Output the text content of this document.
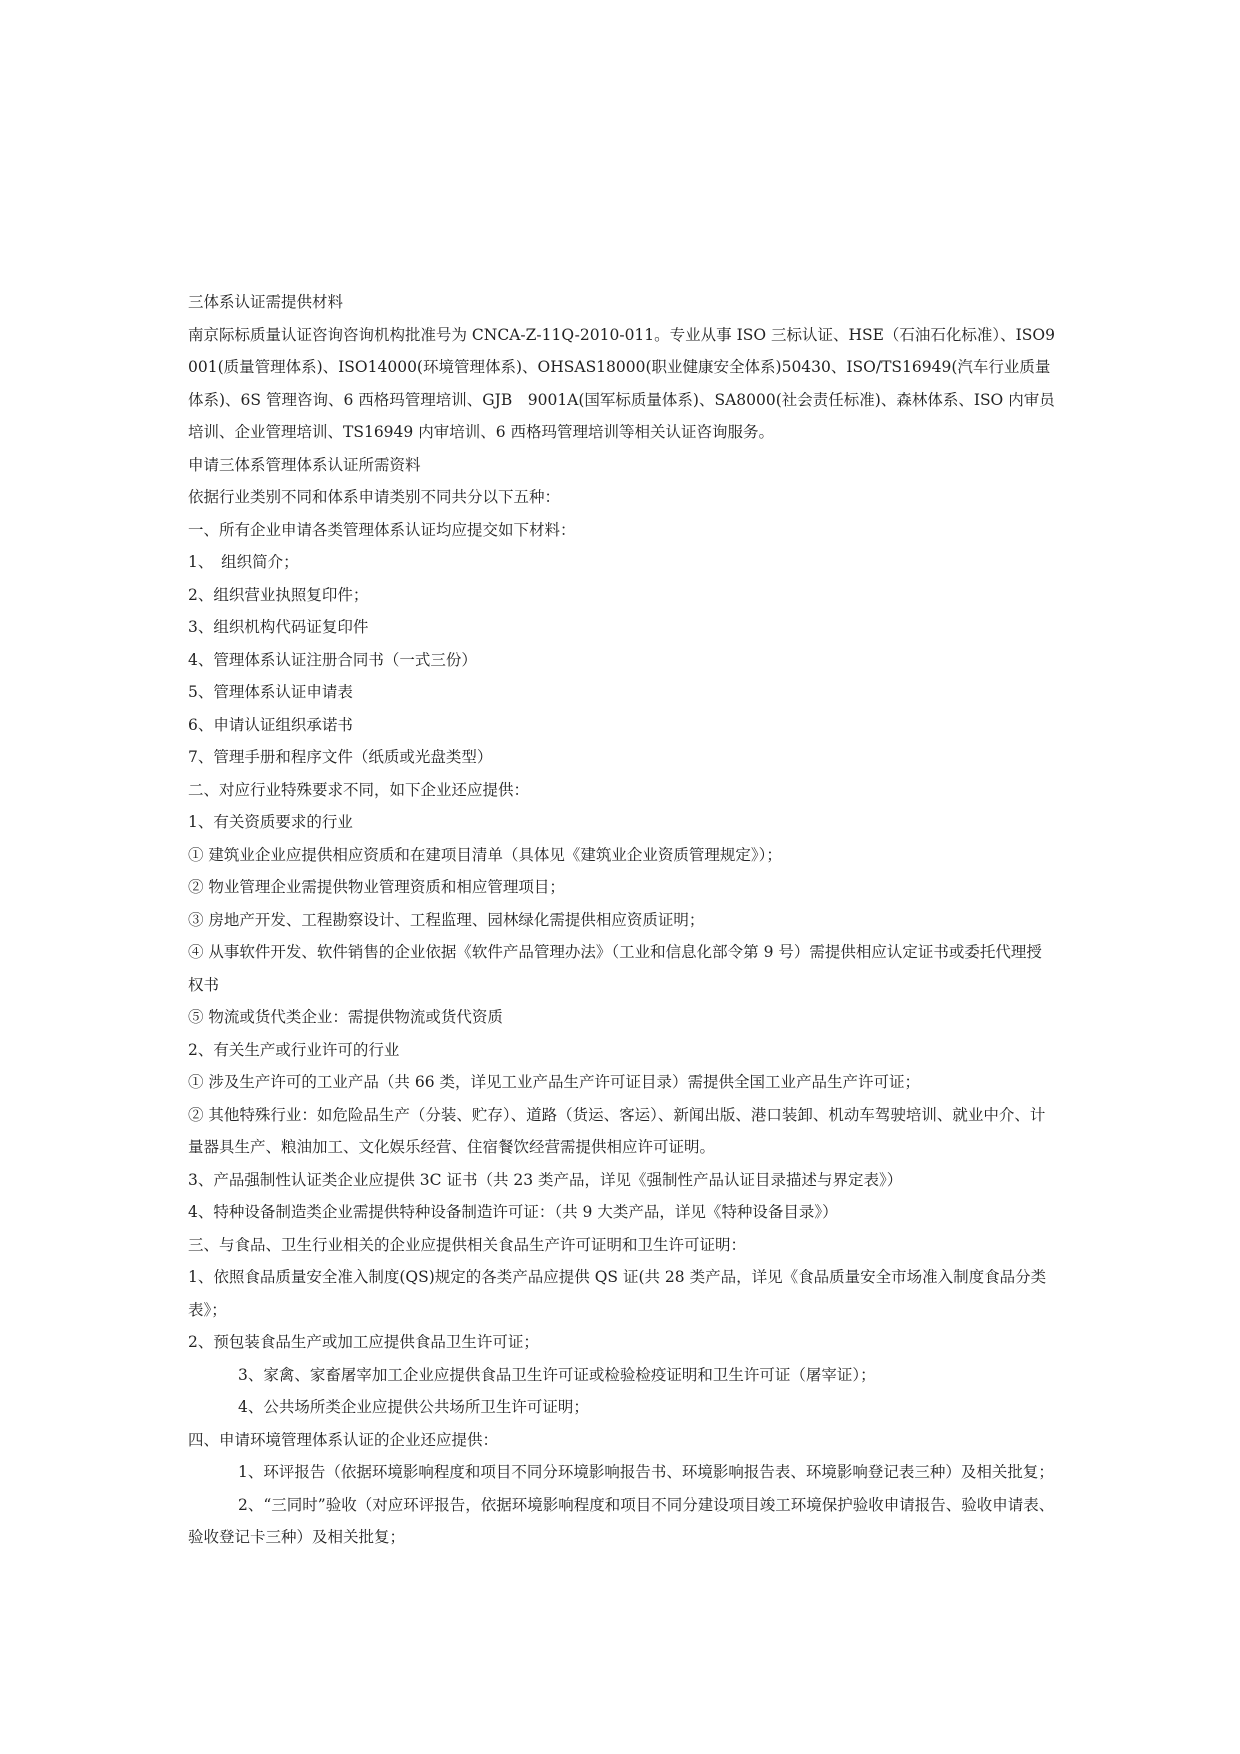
三体系认证需提供材料

南京际标质量认证咨询咨询机构批准号为 CNCA-Z-11Q-2010-011。专业从事 ISO 三标认证、HSE（石油石化标准）、ISO9001(质量管理体系)、ISO14000(环境管理体系)、OHSAS18000(职业健康安全体系)50430、ISO/TS16949(汽车行业质量体系)、6S 管理咨询、6 西格玛管理培训、GJB　9001A(国军标质量体系)、SA8000(社会责任标准)、森林体系、ISO 内审员培训、企业管理培训、TS16949 内审培训、6 西格玛管理培训等相关认证咨询服务。

申请三体系管理体系认证所需资料

依据行业类别不同和体系申请类别不同共分以下五种：

一、所有企业申请各类管理体系认证均应提交如下材料：

1、　组织简介；

2、组织营业执照复印件；

3、组织机构代码证复印件

4、管理体系认证注册合同书（一式三份）

5、管理体系认证申请表

6、申请认证组织承诺书

7、管理手册和程序文件（纸质或光盘类型）

二、对应行业特殊要求不同，如下企业还应提供：

1、有关资质要求的行业

① 建筑业企业应提供相应资质和在建项目清单（具体见《建筑业企业资质管理规定》）；

② 物业管理企业需提供物业管理资质和相应管理项目；

③ 房地产开发、工程勘察设计、工程监理、园林绿化需提供相应资质证明；

④ 从事软件开发、软件销售的企业依据《软件产品管理办法》（工业和信息化部令第 9 号）需提供相应认定证书或委托代理授权书

⑤ 物流或货代类企业：需提供物流或货代资质

2、有关生产或行业许可的行业

① 涉及生产许可的工业产品（共 66 类，详见工业产品生产许可证目录）需提供全国工业产品生产许可证；

② 其他特殊行业：如危险品生产（分装、贮存）、道路（货运、客运）、新闻出版、港口装卸、机动车驾驶培训、就业中介、计量器具生产、粮油加工、文化娱乐经营、住宿餐饮经营需提供相应许可证明。

3、产品强制性认证类企业应提供 3C 证书（共 23 类产品，详见《强制性产品认证目录描述与界定表》）

4、特种设备制造类企业需提供特种设备制造许可证：（共 9 大类产品，详见《特种设备目录》）

三、与食品、卫生行业相关的企业应提供相关食品生产许可证明和卫生许可证明：

1、依照食品质量安全准入制度(QS)规定的各类产品应提供 QS 证(共 28 类产品，详见《食品质量安全市场准入制度食品分类表》；

2、预包装食品生产或加工应提供食品卫生许可证；

3、家禽、家畜屠宰加工企业应提供食品卫生许可证或检验检疫证明和卫生许可证（屠宰证）；

4、公共场所类企业应提供公共场所卫生许可证明；

四、申请环境管理体系认证的企业还应提供：

1、环评报告（依据环境影响程度和项目不同分环境影响报告书、环境影响报告表、环境影响登记表三种）及相关批复；

2、“三同时”验收（对应环评报告，依据环境影响程度和项目不同分建设项目竣工环境保护验收申请报告、验收申请表、验收登记卡三种）及相关批复；
